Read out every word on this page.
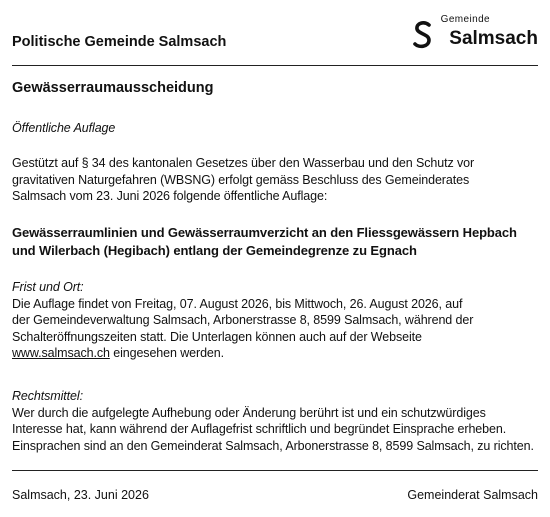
Politische Gemeinde Salmsach
Gemeinde
Salmsach
Gewässerraumausscheidung
Öffentliche Auflage
Gestützt auf § 34 des kantonalen Gesetzes über den Wasserbau und den Schutz vor
gravitativen Naturgefahren (WBSNG) erfolgt gemäss Beschluss des Gemeinderates
Salmsach vom 23. Juni 2026 folgende öffentliche Auflage:
Gewässerraumlinien und Gewässerraumverzicht an den Fliessgewässern Hepbach
und Wilerbach (Hegibach) entlang der Gemeindegrenze zu Egnach
Frist und Ort:
Die Auflage findet von Freitag, 07. August 2026, bis Mittwoch, 26. August 2026, auf
der Gemeindeverwaltung Salmsach, Arbonerstrasse 8, 8599 Salmsach, während der
Schalteröffnungszeiten statt. Die Unterlagen können auch auf der Webseite
www.salmsach.ch eingesehen werden.
Rechtsmittel:
Wer durch die aufgelegte Aufhebung oder Änderung berührt ist und ein schutzwürdiges
Interesse hat, kann während der Auflagefrist schriftlich und begründet Einsprache erheben.
Einsprachen sind an den Gemeinderat Salmsach, Arbonerstrasse 8, 8599 Salmsach, zu richten.
Salmsach, 23. Juni 2026	Gemeinderat Salmsach
